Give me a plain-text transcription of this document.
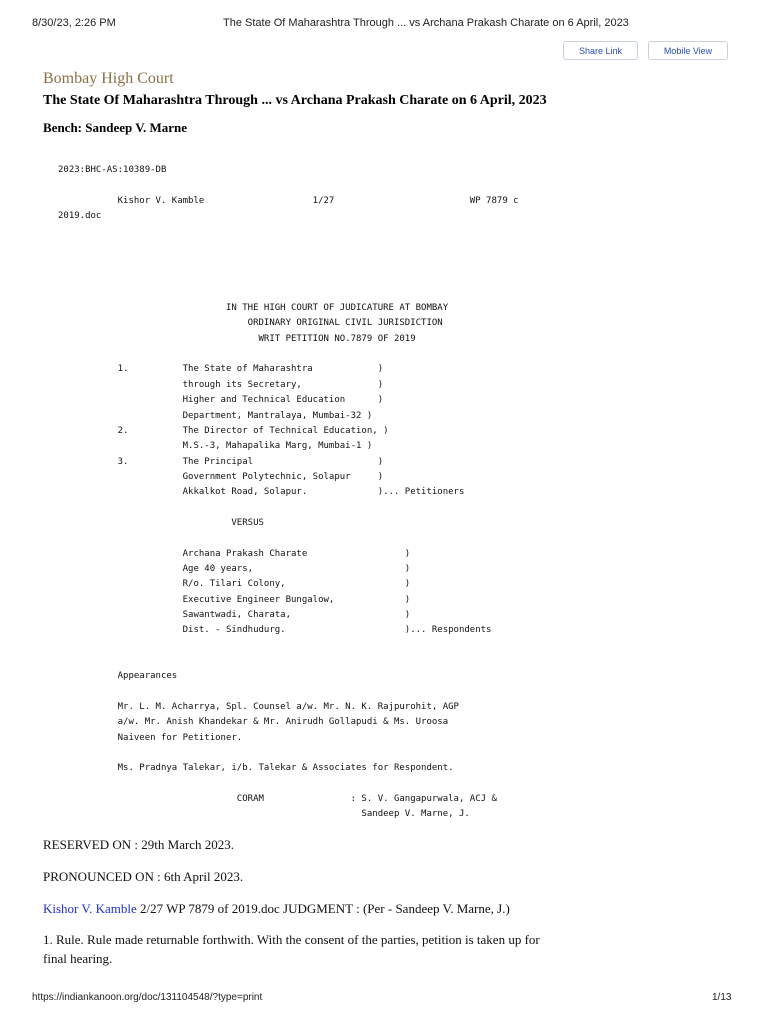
8/30/23, 2:26 PM	The State Of Maharashtra Through ... vs Archana Prakash Charate on 6 April, 2023
Share Link	Mobile View
Bombay High Court
The State Of Maharashtra Through ... vs Archana Prakash Charate on 6 April, 2023
Bench: Sandeep V. Marne
2023:BHC-AS:10389-DB

Kishor V. Kamble                    1/27                         WP 7879 c
2019.doc

IN THE HIGH COURT OF JUDICATURE AT BOMBAY
ORDINARY ORIGINAL CIVIL JURISDICTION
WRIT PETITION NO.7879 OF 2019

1.          The State of Maharashtra            )
through its Secretary,              )
Higher and Technical Education      )
Department, Mantralaya, Mumbai-32 )
2.          The Director of Technical Education, )
M.S.-3, Mahapalika Marg, Mumbai-1 )
3.          The Principal                       )
Government Polytechnic, Solapur     )
Akkalkot Road, Solapur.             )... Petitioners

VERSUS

Archana Prakash Charate                  )
Age 40 years,                            )
R/o. Tilari Colony,                      )
Executive Engineer Bungalow,             )
Sawantwadi, Charata,                     )
Dist. - Sindhudurg.                      )... Respondents

Appearances

Mr. L. M. Acharrya, Spl. Counsel a/w. Mr. N. K. Rajpurohit, AGP
a/w. Mr. Anish Khandekar & Mr. Anirudh Gollapudi & Ms. Uroosa
Naiveen for Petitioner.

Ms. Pradnya Talekar, i/b. Talekar & Associates for Respondent.

CORAM                : S. V. Gangapurwala, ACJ &
Sandeep V. Marne, J.
RESERVED ON : 29th March 2023.
PRONOUNCED ON : 6th April 2023.
Kishor V. Kamble 2/27 WP 7879 of 2019.doc JUDGMENT : (Per - Sandeep V. Marne, J.)
1. Rule. Rule made returnable forthwith. With the consent of the parties, petition is taken up for final hearing.
https://indiankanoon.org/doc/131104548/?type=print	1/13
